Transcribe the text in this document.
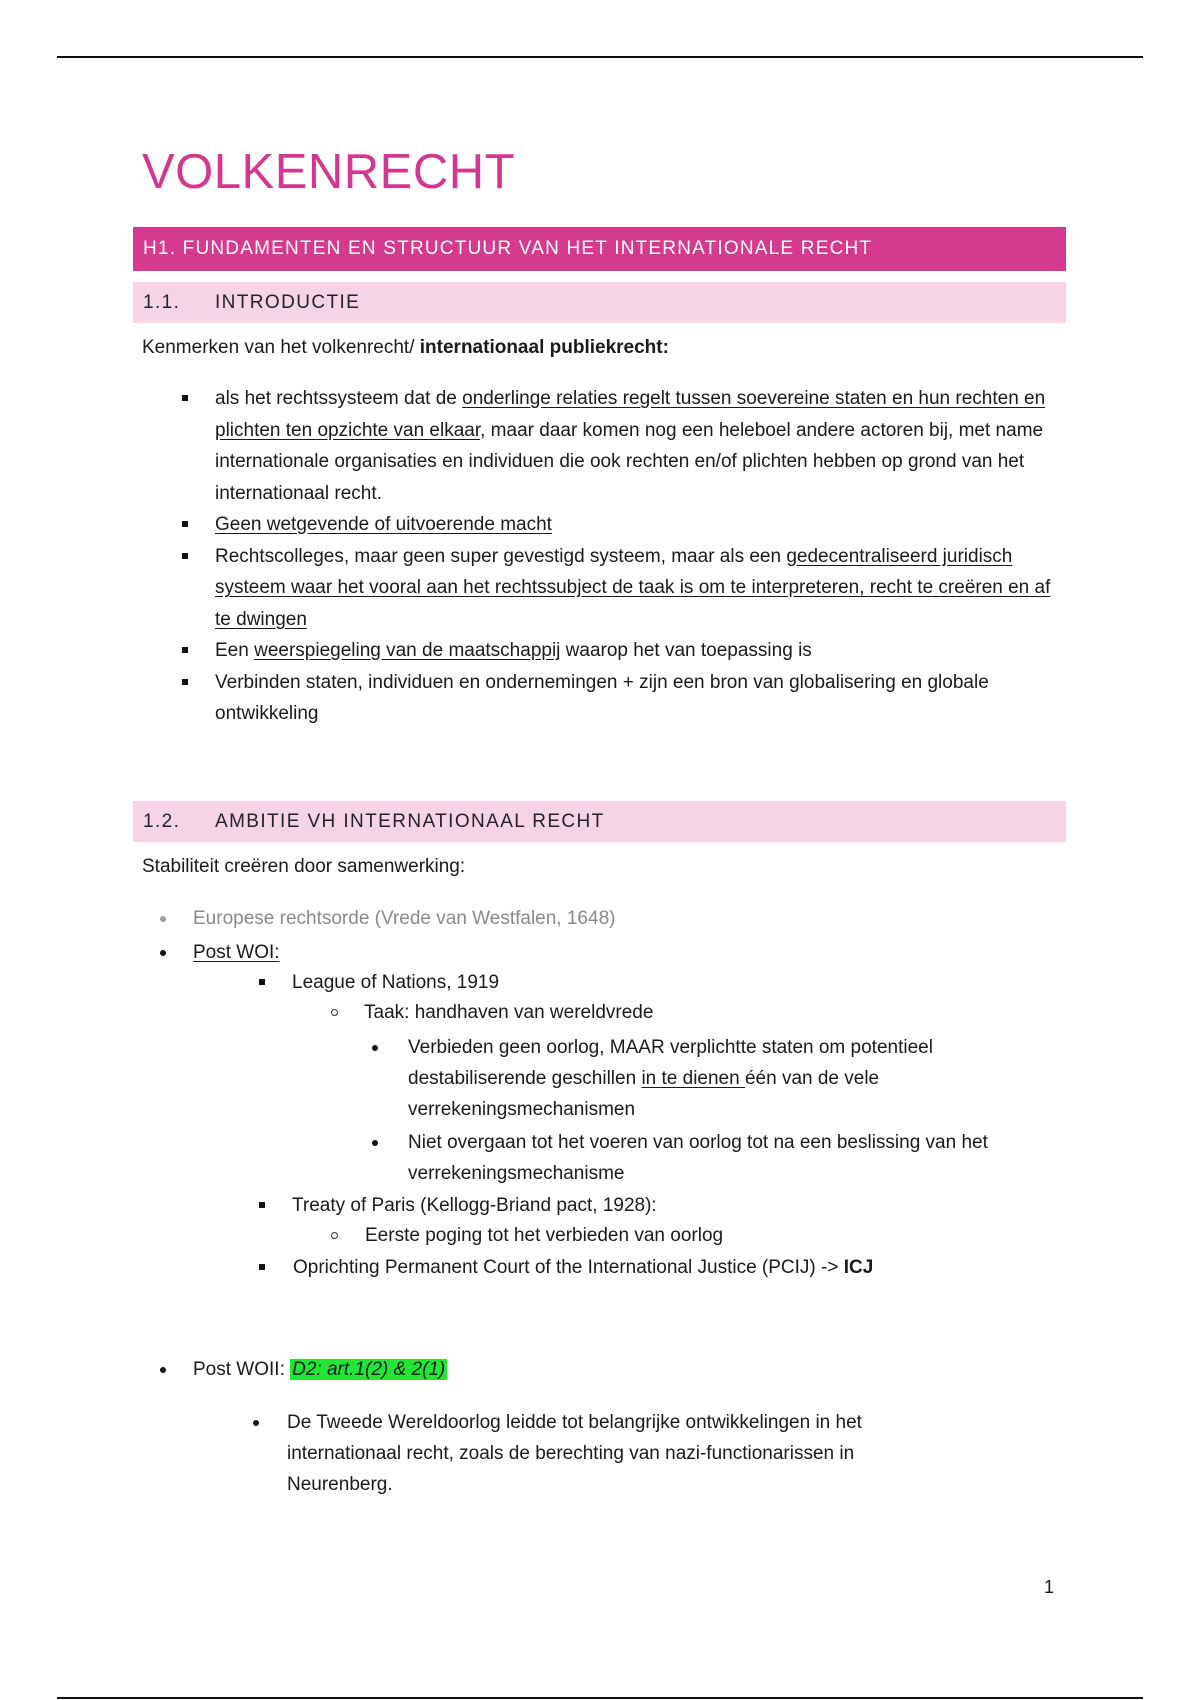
VOLKENRECHT
H1. FUNDAMENTEN EN STRUCTUUR VAN HET INTERNATIONALE RECHT
1.1.	INTRODUCTIE

Kenmerken van het volkenrecht/ internationaal publiekrecht:

als het rechtssysteem dat de onderlinge relaties regelt tussen soevereine staten en hun rechten en plichten ten opzichte van elkaar, maar daar komen nog een heleboel andere actoren bij, met name internationale organisaties en individuen die ook rechten en/of plichten hebben op grond van het internationaal recht.
Geen wetgevende of uitvoerende macht
Rechtscolleges, maar geen super gevestigd systeem, maar als een gedecentraliseerd juridisch systeem waar het vooral aan het rechtssubject de taak is om te interpreteren, recht te creëren en af te dwingen
Een weerspiegeling van de maatschappij waarop het van toepassing is
Verbinden staten, individuen en ondernemingen + zijn een bron van globalisering en globale ontwikkeling
1.2.	AMBITIE VH INTERNATIONAAL RECHT

Stabiliteit creëren door samenwerking:

Europese rechtsorde (Vrede van Westfalen, 1648)
Post WOI:
League of Nations, 1919
Taak: handhaven van wereldvrede
Verbieden geen oorlog, MAAR verplichtte staten om potentieel destabiliserende geschillen in te dienen één van de vele verrekeningsmechanismen
Niet overgaan tot het voeren van oorlog tot na een beslissing van het verrekeningsmechanisme
Treaty of Paris (Kellogg-Briand pact, 1928):
Eerste poging tot het verbieden van oorlog
Oprichting Permanent Court of the International Justice (PCIJ) -> ICJ
Post WOII: D2: art.1(2) & 2(1)
De Tweede Wereldoorlog leidde tot belangrijke ontwikkelingen in het internationaal recht, zoals de berechting van nazi-functionarissen in Neurenberg.
1
